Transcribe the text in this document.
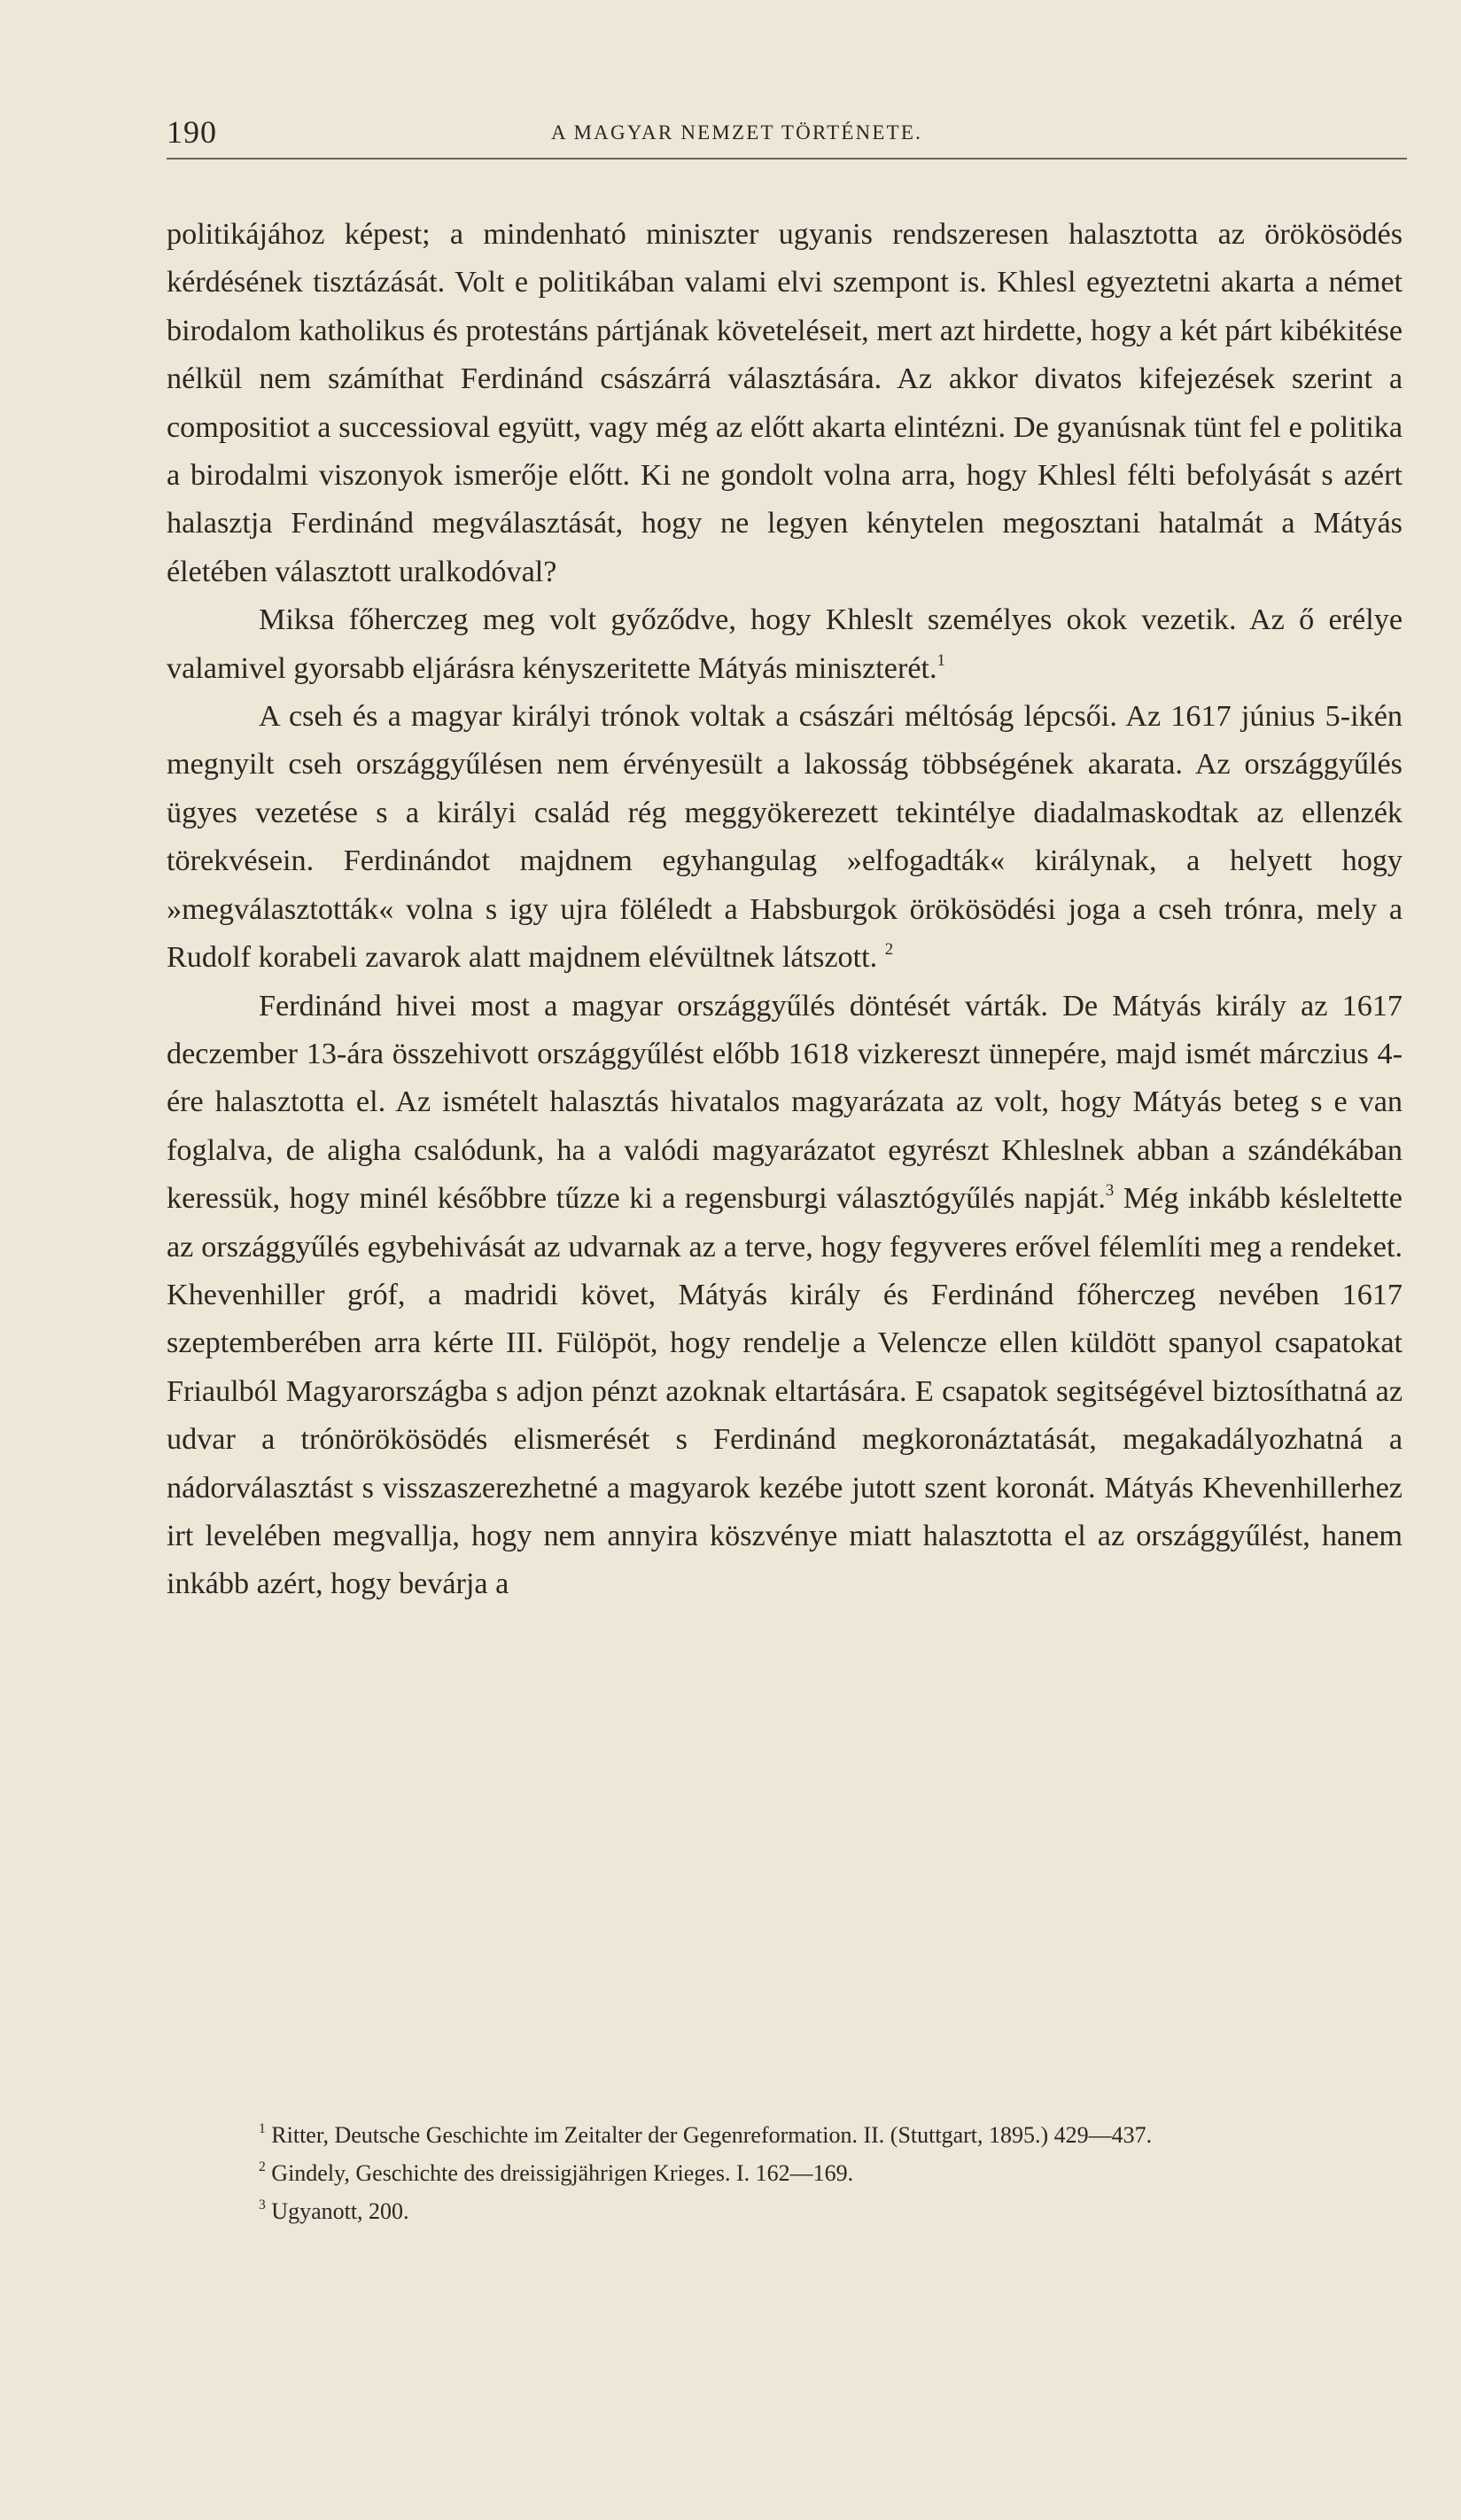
190	A MAGYAR NEMZET TÖRTÉNETE.

politikájához képest; a mindenható miniszter ugyanis rendszeresen halasztotta az örökösödés kérdésének tisztázását. Volt e politikában valami elvi szempont is. Khlesl egyeztetni akarta a német birodalom katholikus és protestáns pártjának követeléseit, mert azt hirdette, hogy a két párt kibékitése nélkül nem számíthat Ferdinánd császárrá választására. Az akkor divatos kifejezések szerint a compositiot a successioval együtt, vagy még az előtt akarta elintézni. De gyanúsnak tünt fel e politika a birodalmi viszonyok ismerője előtt. Ki ne gondolt volna arra, hogy Khlesl félti befolyását s azért halasztja Ferdinánd megválasztását, hogy ne legyen kénytelen megosztani hatalmát a Mátyás életében választott uralkodóval?

Miksa főherczeg meg volt győződve, hogy Khleslt személyes okok vezetik. Az ő erélye valamivel gyorsabb eljárásra kényszeritette Mátyás miniszterét.$^1$

A cseh és a magyar királyi trónok voltak a császári méltóság lépcsői. Az 1617 június 5-ikén megnyilt cseh országgyűlésen nem érvényesült a lakosság többségének akarata. Az országgyűlés ügyes vezetése s a királyi család rég meggyökerezett tekintélye diadalmaskodtak az ellenzék törekvésein. Ferdinándot majdnem egyhangulag »elfogadták« királynak, a helyett hogy »megválasztották« volna s igy ujra föléledt a Habsburgok örökösödési joga a cseh trónra, mely a Rudolf korabeli zavarok alatt majdnem elévültnek látszott. $^2$

Ferdinánd hivei most a magyar országgyűlés döntését várták. De Mátyás király az 1617 deczember 13-ára összehivott országgyűlést előbb 1618 vizkereszt ünnepére, majd ismét márczius 4-ére halasztotta el. Az ismételt halasztás hivatalos magyarázata az volt, hogy Mátyás beteg s e van foglalva, de aligha csalódunk, ha a valódi magyarázatot egyrészt Khleslnek abban a szándékában keressük, hogy minél későbbre tűzze ki a regensburgi választógyűlés napját.$^3$ Még inkább késleltette az országgyűlés egybehivását az udvarnak az a terve, hogy fegyveres erővel félemlíti meg a rendeket. Khevenhiller gróf, a madridi követ, Mátyás király és Ferdinánd főherczeg nevében 1617 szeptemberében arra kérte III. Fülöpöt, hogy rendelje a Velencze ellen küldött spanyol csapatokat Friaulból Magyarországba s adjon pénzt azoknak eltartására. E csapatok segitségével biztosíthatná az udvar a trónörökösödés elismerését s Ferdinánd megkoronáztatását, megakadályozhatná a nádorválasztást s visszaszerezhetné a magyarok kezébe jutott szent koronát. Mátyás Khevenhillerhez irt levelében megvallja, hogy nem annyira köszvénye miatt halasztotta el az országgyűlést, hanem inkább azért, hogy bevárja a

$^1$ Ritter, Deutsche Geschichte im Zeitalter der Gegenreformation. II. (Stuttgart, 1895.) 429—437.

$^2$ Gindely, Geschichte des dreissigjährigen Krieges. I. 162—169.

$^3$ Ugyanott, 200.
